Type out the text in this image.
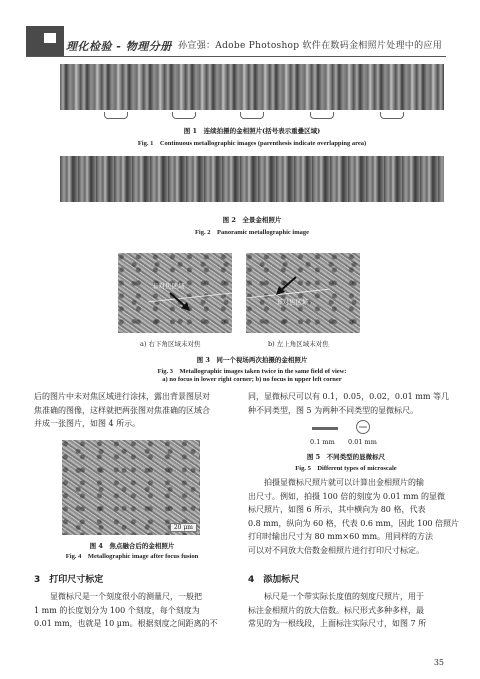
理化检验 - 物理分册 孙宣强：Adobe Photoshop 软件在数码金相照片处理中的应用
图 1　连续拍摄的金相照片(括号表示重叠区域)
Fig. 1　Continuous metallographic images (parenthesis indicate overlapping area)
图 2　全景金相照片
Fig. 2　Panoramic metallographic image
非对焦区域
非对焦区域
a) 右下角区域未对焦	b) 左上角区域未对焦
图 3　同一个视场两次拍摄的金相照片
Fig. 3　Metallographic images taken twice in the same field of view:
a) no focus in lower right corner; b) no focus in upper left corner
后的图片中未对焦区域进行涂抹，露出背景图层对
焦准确的图像，这样就把两张图对焦准确的区域合
并成一张图片，如图 4 所示。
20 μm
图 4　焦点融合后的金相照片
Fig. 4　Metallographic image after focus fusion
3　打印尺寸标定
显微标尺是一个刻度很小的测量尺，一般把
1 mm 的长度划分为 100 个刻度，每个刻度为
0.01 mm，也就是 10 μm。根据刻度之间距离的不
同，显微标尺可以有 0.1，0.05，0.02，0.01 mm 等几
种不同类型，图 5 为两种不同类型的显微标尺。
0.1 mm 0.01 mm
图 5　不同类型的显微标尺
Fig. 5　Different types of microscale
拍摄显微标尺照片就可以计算出金相照片的输
出尺寸。例如，拍摄 100 倍的刻度为 0.01 mm 的显微
标尺照片，如图 6 所示，其中横向为 80 格，代表
0.8 mm，纵向为 60 格，代表 0.6 mm，因此 100 倍照片
打印时输出尺寸为 80 mm×60 mm。用同样的方法
可以对不同放大倍数金相照片进行打印尺寸标定。
4　添加标尺
标尺是一个带实际长度值的刻度尺照片，用于
标注金相照片的放大倍数。标尺形式多种多样，最
常见的为一根线段，上面标注实际尺寸，如图 7 所
35
